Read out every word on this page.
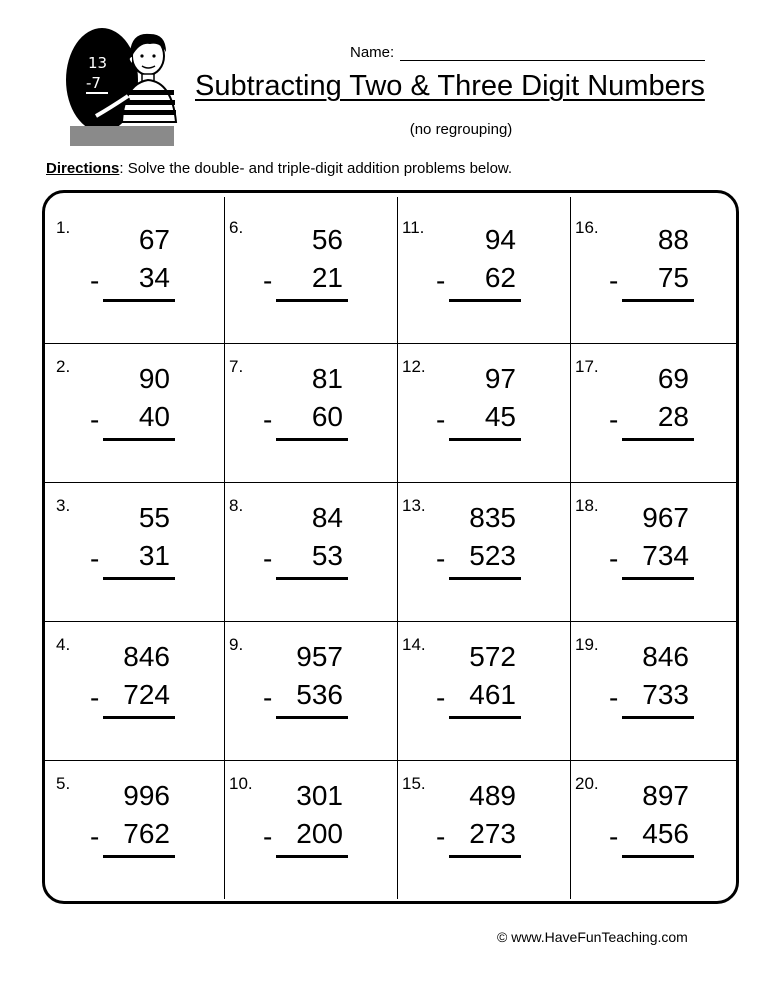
13
-7
Name:
Subtracting Two & Three Digit Numbers
(no regrouping)
Directions: Solve the double- and triple-digit addition problems below.
1. 67
- 34
6. 56
- 21
11. 94
- 62
16. 88
- 75
2. 90
- 40
7. 81
- 60
12. 97
- 45
17. 69
- 28
3. 55
- 31
8. 84
- 53
13. 835
- 523
18. 967
- 734
4. 846
- 724
9. 957
- 536
14. 572
- 461
19. 846
- 733
5. 996
- 762
10. 301
- 200
15. 489
- 273
20. 897
- 456
© www.HaveFunTeaching.com
